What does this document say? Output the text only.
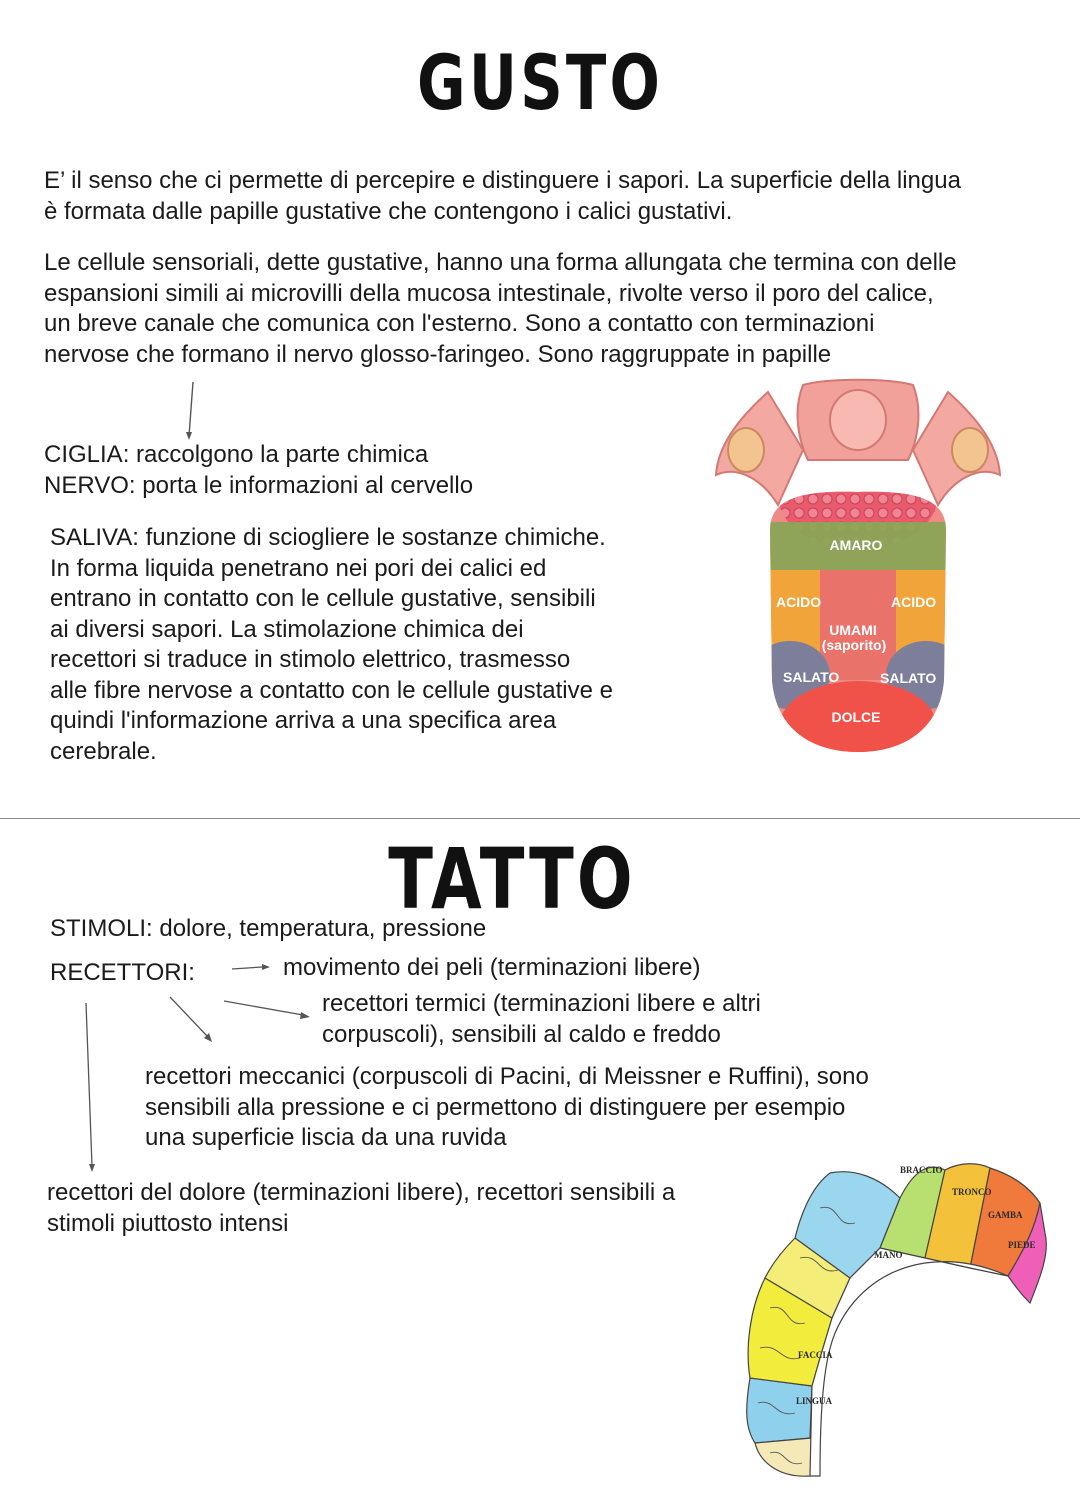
GUSTO
E’ il senso che ci permette di percepire e distinguere i sapori. La superficie della lingua
è formata dalle papille gustative che contengono i calici gustativi.
Le cellule sensoriali, dette gustative, hanno una forma allungata che termina con delle
espansioni simili ai microvilli della mucosa intestinale, rivolte verso il poro del calice,
un breve canale che comunica con l'esterno. Sono a contatto con terminazioni
nervose che formano il nervo glosso-faringeo. Sono raggruppate in papille
CIGLIA: raccolgono la parte chimica
NERVO: porta le informazioni al cervello
SALIVA: funzione di sciogliere le sostanze chimiche.
In forma liquida penetrano nei pori dei calici ed
entrano in contatto con le cellule gustative, sensibili
ai diversi sapori. La stimolazione chimica dei
recettori si traduce in stimolo elettrico, trasmesso
alle fibre nervose a contatto con le cellule gustative e
quindi l'informazione arriva a una specifica area
cerebrale.
AMARO
ACIDO	ACIDO
UMAMI
(saporito)
SALATO	SALATO
DOLCE
TATTO
STIMOLI: dolore, temperatura, pressione
RECETTORI:	movimento dei peli (terminazioni libere)
recettori termici (terminazioni libere e altri
corpuscoli), sensibili al caldo e freddo
recettori meccanici (corpuscoli di Pacini, di Meissner e Ruffini), sono
sensibili alla pressione e ci permettono di distinguere per esempio
una superficie liscia da una ruvida
recettori del dolore (terminazioni libere), recettori sensibili a
stimoli piuttosto intensi
BRACCIO
TRONCO
GAMBA
PIEDE
MANO
FACCIA
LINGUA
